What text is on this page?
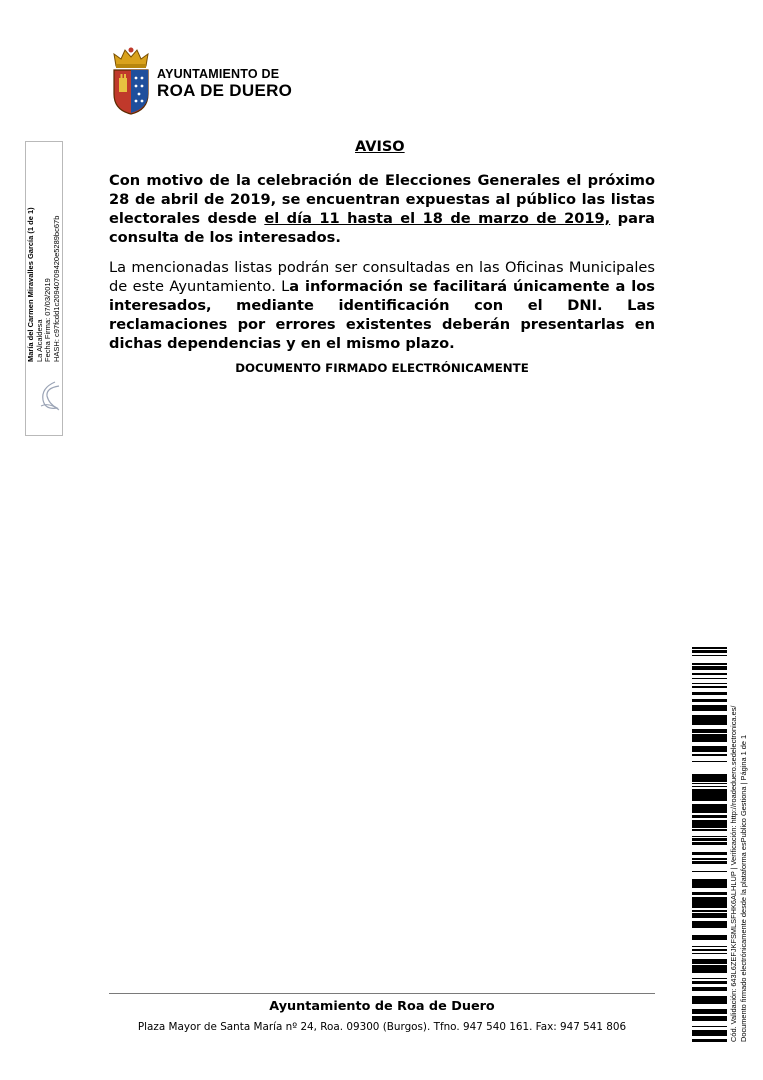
AYUNTAMIENTO DE
ROA DE DUERO
María del Carmen Miravalles García (1 de 1) La Alcaldesa Fecha Firma: 07/03/2019 HASH: c97fcdd1c20940709420e5289bc67b
AVISO
Con motivo de la celebración de Elecciones Generales el próximo 28 de abril de 2019, se encuentran expuestas al público las listas electorales desde el día 11 hasta el 18 de marzo de 2019, para consulta de los interesados.
La mencionadas listas podrán ser consultadas en las Oficinas Municipales de este Ayuntamiento. La información se facilitará únicamente a los interesados, mediante identificación con el DNI. Las reclamaciones por errores existentes deberán presentarlas en dichas dependencias y en el mismo plazo.
DOCUMENTO FIRMADO ELECTRÓNICAMENTE
Cód. Validación: 643L6ZEFJKFSMLSFHK6ALHLUP | Verificación: http://roadeduero.sedelectronica.es/ Documento firmado electrónicamente desde la plataforma esPublico Gestiona | Página 1 de 1
Ayuntamiento de Roa de Duero
Plaza Mayor de Santa María nº 24, Roa. 09300 (Burgos). Tfno. 947 540 161. Fax: 947 541 806
